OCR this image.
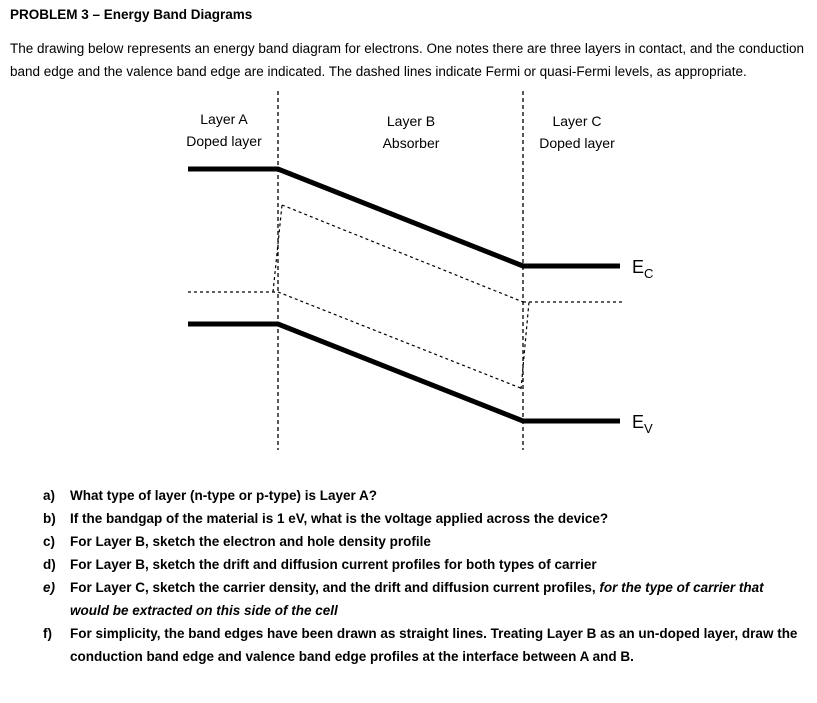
PROBLEM 3 – Energy Band Diagrams
The drawing below represents an energy band diagram for electrons. One notes there are three layers in contact, and the conduction band edge and the valence band edge are indicated. The dashed lines indicate Fermi or quasi-Fermi levels, as appropriate.
Layer A
Doped layer
Layer B
Absorber
Layer C
Doped layer
$E_C$
$E_V$
a)	What type of layer (n-type or p-type) is Layer A?
b)	If the bandgap of the material is 1 eV, what is the voltage applied across the device?
c)	For Layer B, sketch the electron and hole density profile
d)	For Layer B, sketch the drift and diffusion current profiles for both types of carrier
e)	For Layer C, sketch the carrier density, and the drift and diffusion current profiles, for the type of carrier that would be extracted on this side of the cell
f)	For simplicity, the band edges have been drawn as straight lines. Treating Layer B as an un-doped layer, draw the conduction band edge and valence band edge profiles at the interface between A and B.
